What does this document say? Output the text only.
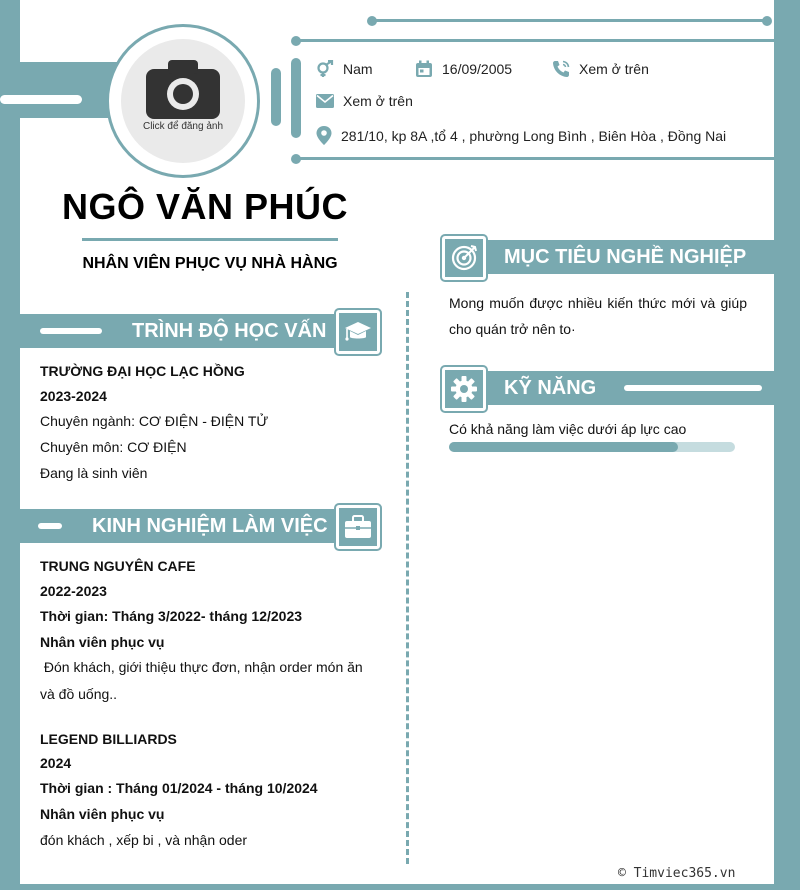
Click để đăng ảnh
Nam	16/09/2005	Xem ở trên
Xem ở trên
281/10, kp 8A ,tổ 4 , phường Long Bình , Biên Hòa , Đồng Nai
NGÔ VĂN PHÚC
NHÂN VIÊN PHỤC VỤ NHÀ HÀNG
TRÌNH ĐỘ HỌC VẤN
TRƯỜNG ĐẠI HỌC LẠC HỒNG
2023-2024
Chuyên ngành: CƠ ĐIỆN - ĐIỆN TỬ
Chuyên môn: CƠ ĐIỆN
Đang là sinh viên
KINH NGHIỆM LÀM VIỆC
TRUNG NGUYÊN CAFE
2022-2023
Thời gian: Tháng 3/2022- tháng 12/2023
Nhân viên phục vụ
Đón khách, giới thiệu thực đơn, nhận order món ăn
và đồ uống..
LEGEND BILLIARDS
2024
Thời gian : Tháng 01/2024 - tháng 10/2024
Nhân viên phục vụ
đón khách , xếp bi , và nhận oder
MỤC TIÊU NGHỀ NGHIỆP
Mong muốn được nhiều kiến thức mới và giúp
cho quán trở nên to·
KỸ NĂNG
Có khả năng làm việc dưới áp lực cao
© Timviec365.vn
